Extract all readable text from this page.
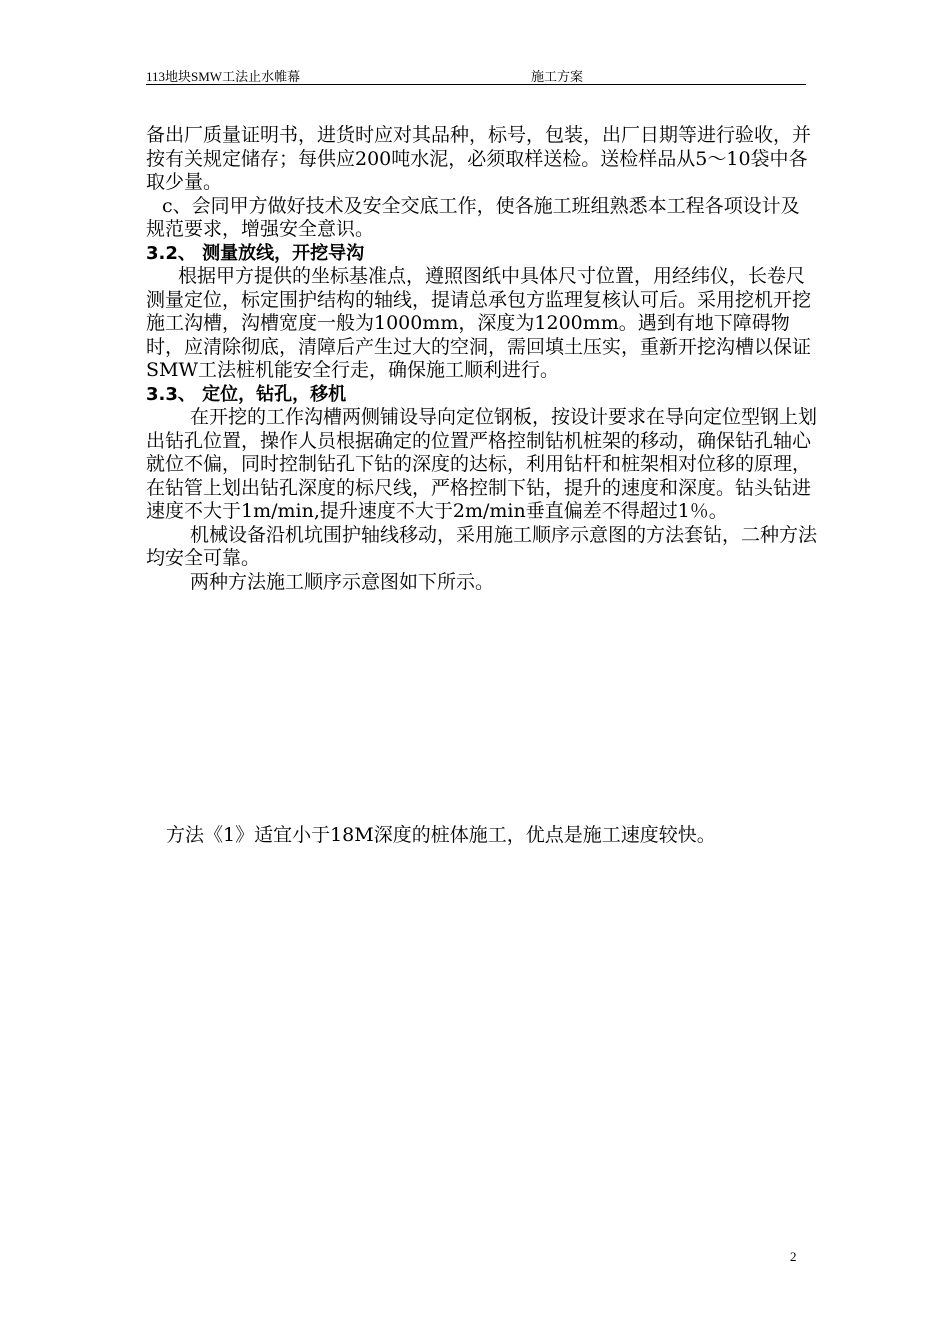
113地块SMW工法止水帷幕	施工方案

备出厂质量证明书，进货时应对其品种，标号，包装，出厂日期等进行验收，并按有关规定储存；每供应200吨水泥，必须取样送检。送检样品从5～10袋中各取少量。

c、会同甲方做好技术及安全交底工作，使各施工班组熟悉本工程各项设计及规范要求，增强安全意识。

3.2、 测量放线，开挖导沟

根据甲方提供的坐标基准点，遵照图纸中具体尺寸位置，用经纬仪，长卷尺测量定位，标定围护结构的轴线，提请总承包方监理复核认可后。采用挖机开挖施工沟槽，沟槽宽度一般为1000mm，深度为1200mm。遇到有地下障碍物时，应清除彻底，清障后产生过大的空洞，需回填土压实，重新开挖沟槽以保证SMW工法桩机能安全行走，确保施工顺利进行。

3.3、 定位，钻孔，移机

在开挖的工作沟槽两侧铺设导向定位钢板，按设计要求在导向定位型钢上划出钻孔位置，操作人员根据确定的位置严格控制钻机桩架的移动，确保钻孔轴心就位不偏，同时控制钻孔下钻的深度的达标，利用钻杆和桩架相对位移的原理，在钻管上划出钻孔深度的标尺线，严格控制下钻，提升的速度和深度。钻头钻进速度不大于1m/min,提升速度不大于2m/min垂直偏差不得超过1％。

机械设备沿机坑围护轴线移动，采用施工顺序示意图的方法套钻，二种方法均安全可靠。

两种方法施工顺序示意图如下所示。

方法《1》适宜小于18M深度的桩体施工，优点是施工速度较快。
2
